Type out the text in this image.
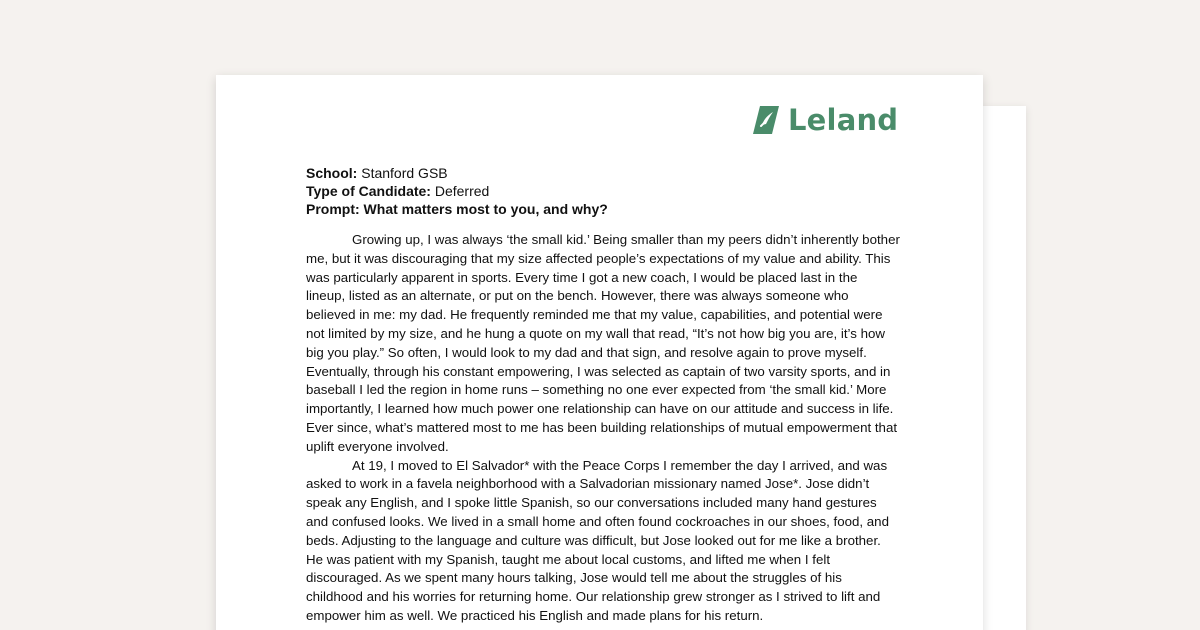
Leland
School: Stanford GSB
Type of Candidate: Deferred
Prompt: What matters most to you, and why?

Growing up, I was always ‘the small kid.’ Being smaller than my peers didn’t inherently bother me, but it was discouraging that my size affected people’s expectations of my value and ability. This was particularly apparent in sports. Every time I got a new coach, I would be placed last in the lineup, listed as an alternate, or put on the bench. However, there was always someone who believed in me: my dad. He frequently reminded me that my value, capabilities, and potential were not limited by my size, and he hung a quote on my wall that read, “It’s not how big you are, it’s how big you play.” So often, I would look to my dad and that sign, and resolve again to prove myself. Eventually, through his constant empowering, I was selected as captain of two varsity sports, and in baseball I led the region in home runs – something no one ever expected from ‘the small kid.’ More importantly, I learned how much power one relationship can have on our attitude and success in life. Ever since, what’s mattered most to me has been building relationships of mutual empowerment that uplift everyone involved.

At 19, I moved to El Salvador* with the Peace Corps I remember the day I arrived, and was asked to work in a favela neighborhood with a Salvadorian missionary named Jose*. Jose didn’t speak any English, and I spoke little Spanish, so our conversations included many hand gestures and confused looks. We lived in a small home and often found cockroaches in our shoes, food, and beds. Adjusting to the language and culture was difficult, but Jose looked out for me like a brother. He was patient with my Spanish, taught me about local customs, and lifted me when I felt discouraged. As we spent many hours talking, Jose would tell me about the struggles of his childhood and his worries for returning home. Our relationship grew stronger as I strived to lift and empower him as well. We practiced his English and made plans for his return.
